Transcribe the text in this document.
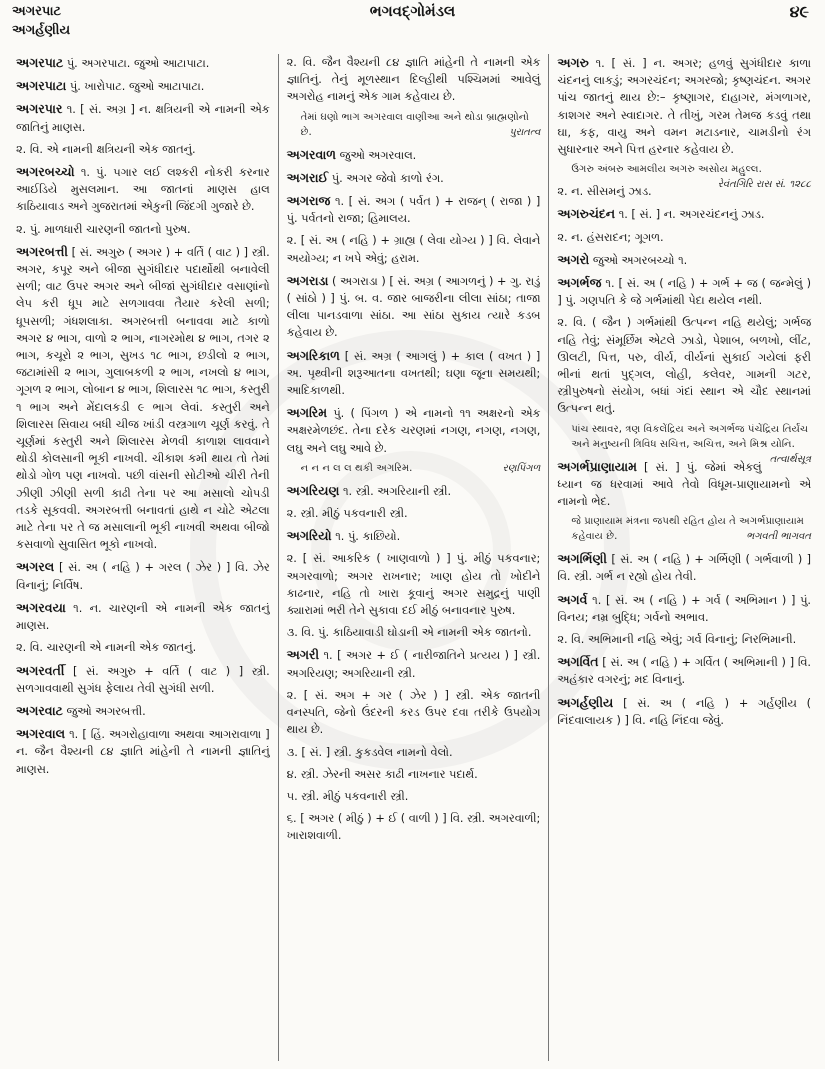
અગરપાટ
અગર્હણીય
ભગવદ્ગોમંડલ	૪૯
અગરપાટ પું. અગરપાટા. જુઓ આટાપાટા.
અગરપાટા પું. ખારોપાટ. જુઓ આટાપાટા.
અગરપાર ૧. [ સં. અગ્ર ] ન. ક્ષત્રિયની એ નામની એક જાતિનું માણસ.
૨. વિ. એ નામની ક્ષત્રિયની એક જાતનું.
અગરબચ્ચો ૧. પું. પગાર લઈ લશ્કરી નોકરી કરનાર આઈડિયે મુસલમાન. આ જાતનાં માણસ હાલ કાઠિયાવાડ અને ગુજરાતમાં એકુની જિંદગી ગુજારે છે.
૨. પું. માળધારી ચારણની જાતનો પુરુષ.
અગરબત્તી [ સં. અગુરુ ( અગર ) + વર્તિ ( વાટ ) ] સ્ત્રી. અગર, કપૂર અને બીજા સુગંધીદાર પદાર્થોથી બનાવેલી સળી; વાટ ઉપર અગર અને બીજાં સુગંધીદાર વસાણાંનો લેપ કરી ધૂપ માટે સળગાવવા તૈયાર કરેલી સળી; ધૂપસળી; ગંધશલાકા. અગરબત્તી બનાવવા માટે કાળો અગર ૪ ભાગ, વાળો ૨ ભાગ, નાગરમોથ ૪ ભાગ, તગર ૨ ભાગ, કચૂરો ૨ ભાગ, સુખડ ૧૮ ભાગ, છડીલો ૨ ભાગ, જટામાંસી ૨ ભાગ, ગુલાબકળી ૨ ભાગ, નખલો ૪ ભાગ, ગૂગળ ૨ ભાગ, લોબાન ૪ ભાગ, શિલારસ ૧૮ ભાગ, કસ્તુરી ૧ ભાગ અને મેંદાલકડી ૯ ભાગ લેવાં. કસ્તુરી અને શિલારસ સિવાય બધી ચીજ ખાંડી વસ્ત્રગાળ ચૂર્ણ કરવું. તે ચૂર્ણમાં કસ્તુરી અને શિલારસ મેળવી કાળાશ લાવવાને થોડી કોલસાની ભૂકી નાખવી. ચીકાશ કમી થાય તો તેમાં થોડો ગોળ પણ નાખવો. પછી વાંસની સોટીઓ ચીરી તેની ઝીણી ઝીણી સળી કાઢી તેના પર આ મસાલો ચોપડી તડકે સૂકવવી. અગરબત્તી બનાવતાં હાથે ન ચોટે એટલા માટે તેના પર તે જ મસાલાની ભૂકી નાખવી અથવા બીજો કસવાળો સુવાસિત ભૂકો નાખવો.
અગરલ [ સં. અ ( નહિ ) + ગરલ ( ઝેર ) ] વિ. ઝેર વિનાનું; નિર્વિષ.
અગરવયા ૧. ન. ચારણની એ નામની એક જાતનું માણસ.
૨. વિ. ચારણની એ નામની એક જાતનું.
અગરવર્તી [ સં. અગુરુ + વર્તિ ( વાટ ) ] સ્ત્રી. સળગાવવાથી સુગંધ ફેલાય તેવી સુગંધી સળી.
અગરવાટ જુઓ અગરબત્તી.
અગરવાલ ૧. [ હિં. અગરોહાવાળા અથવા આગરાવાળા ] ન. જૈન વૈશ્યની ૮૪ જ્ઞાતિ માંહેની તે નામની જ્ઞાતિનું માણસ.
૨. વિ. જૈન વૈશ્યની ૮૪ જ્ઞાતિ માંહેની તે નામની એક જ્ઞાતિનું. તેનું મૂળસ્થાન દિલ્હીથી પશ્ચિમમાં આવેલું અગરોહ નામનું એક ગામ કહેવાય છે.
તેમાં ઘણો ભાગ અગરવાલ વાણીઆ અને થોડા બ્રાહ્મણોનો છે.	પુરાતત્વ
અગરવાળ જુઓ અગરવાલ.
અગરાઈ પું. અગર જેવો કાળો રંગ.
અગરાજ ૧. [ સં. અગ ( પર્વત ) + રાજન્ ( રાજા ) ] પું. પર્વતનો રાજા; હિમાલય.
૨. [ સં. અ ( નહિ ) + ગ્રાહ્ય ( લેવા યોગ્ય ) ] વિ. લેવાને અયોગ્ય; ન ખપે એવું; હરામ.
અગરાડા ( અગરાડા ) [ સં. અગ્ર ( આગળનું ) + ગુ. રાડું ( સાંઠો ) ] પું. બ. વ. જાર બાજરીના લીલા સાંઠા; તાજા લીલા પાનડવાળા સાંઠા. આ સાંઠા સુકાય ત્યારે કડબ કહેવાય છે.
અગરિકાળ [ સં. અગ્ર ( આગલું ) + કાલ ( વખત ) ] અ. પૃથ્વીની શરૂઆતના વખતથી; ઘણા જૂના સમયથી; આદિકાળથી.
અગરિમ પું. ( પિંગળ ) એ નામનો ૧૧ અક્ષરનો એક અક્ષરમેળછંદ. તેના દરેક ચરણમાં નગણ, નગણ, નગણ, લઘુ અને લઘુ આવે છે.
ન ન ન લ લ થકી અગરિમ.	રણપિંગળ
અગરિયણ ૧. સ્ત્રી. અગરિયાની સ્ત્રી.
૨. સ્ત્રી. મીઠું પકવનારી સ્ત્રી.
અગરિયો ૧. પું. કાછિયો.
૨. [ સં. આકરિક ( ખાણવાળો ) ] પું. મીઠું પકવનાર; અગરવાળો; અગર રાખનાર; ખાણ હોય તો ખોદીને કાઢનાર, નહિ તો ખારા કૂવાનું અગર સમુદ્રનું પાણી ક્યારામાં ભરી તેને સુકાવા દઈ મીઠું બનાવનાર પુરુષ.
૩. વિ. પું. કાઠિયાવાડી ઘોડાની એ નામની એક જાતનો.
અગરી ૧. [ અગર + ઈ ( નારીજાતિને પ્રત્યય ) ] સ્ત્રી. અગરિયણ; અગરિયાની સ્ત્રી.
૨. [ સં. અગ + ગર ( ઝેર ) ] સ્ત્રી. એક જાતની વનસ્પતિ, જેનો ઉંદરની કરડ ઉપર દવા તરીકે ઉપયોગ થાય છે.
૩. [ સં. ] સ્ત્રી. કુકડવેલ નામનો વેલો.
૪. સ્ત્રી. ઝેરની અસર કાઢી નાખનાર પદાર્થ.
૫. સ્ત્રી. મીઠું પકવનારી સ્ત્રી.
૬. [ અગર ( મીઠું ) + ઈ ( વાળી ) ] વિ. સ્ત્રી. અગરવાળી; ખારાશવાળી.
અગરુ ૧. [ સં. ] ન. અગર; હળવું સુગંધીદાર કાળા ચંદનનું લાકડું; અગરચંદન; અગરજો; કૃષ્ણચંદન. અગર પાંચ જાતનું થાય છે:– કૃષ્ણાગર, દાહાગર, મંગળાગર, કાશગર અને સ્વાદાગર. તે તીખું, ગરમ તેમજ કડવું તથા ઘા, કફ, વાયુ અને વમન મટાડનાર, ચામડીનો રંગ સુધારનાર અને પિત્ત હરનાર કહેવાય છે.
ઉગરુ અંબરુ આમલીય અગરુ અસોય મહુલ્લ.
રેવંતગિરિ રાસ સં. ૧૨૮૮
૨. ન. સીસમનું ઝાડ.
અગરુચંદન ૧. [ સં. ] ન. અગરચંદનનું ઝાડ.
૨. ન. હંસરાદન; ગૂગળ.
અગરો જુઓ અગરબચ્ચો ૧.
અગર્ભજ ૧. [ સં. અ ( નહિ ) + ગર્ભ + જ ( જન્મેલું ) ] પું. ગણપતિ કે જે ગર્ભમાંથી પેદા થયેલ નથી.
૨. વિ. ( જૈન ) ગર્ભમાંથી ઉત્પન્ન નહિ થયેલું; ગર્ભજ નહિ તેવું; સંમૂર્છિમ એટલે ઝાડો, પેશાબ, બળખો, લીંટ, ઊલટી, પિત્ત, પરુ, વીર્ય, વીર્યનાં સુકાઈ ગયેલાં ફરી ભીનાં થતાં પુદ્ગલ, લોહી, કલેવર, ગામની ગટર, સ્ત્રીપુરુષનો સંયોગ, બધાં ગંદાં સ્થાન એ ચૌદ સ્થાનમાં ઉત્પન્ન થતું.
પાંચ સ્થાવર, ત્રણ વિકલેંદ્રિય અને અગર્ભજ પંચેંદ્રિય તિર્યંચ અને મનુષ્યની ત્રિવિધ સચિત્ત, અચિત્ત, અને મિશ્ર યોનિ.
તત્વાર્થસૂત્ર
અગર્ભપ્રાણાયામ [ સં. ] પું. જેમાં એકલું ધ્યાન જ ધરવામાં આવે તેવો વિધૂમ-પ્રાણાયામનો એ નામનો ભેદ.
જે પ્રાણાયામ મંત્રના જપથી રહિત હોય તે અગર્ભપ્રાણાયામ કહેવાય છે.	ભગવતી ભાગવત
અગર્ભિણી [ સં. અ ( નહિ ) + ગર્ભિણી ( ગર્ભવાળી ) ] વિ. સ્ત્રી. ગર્ભ ન રહ્યો હોય તેવી.
અગર્વ ૧. [ સં. અ ( નહિ ) + ગર્વ ( અભિમાન ) ] પું. વિનય; નમ્ર બુદ્ધિ; ગર્વનો અભાવ.
૨. વિ. અભિમાની નહિ એવું; ગર્વ વિનાનું; નિરભિમાની.
અગર્વિત [ સં. અ ( નહિ ) + ગર્વિત ( અભિમાની ) ] વિ. અહંકાર વગરનું; મદ વિનાનું.
અગર્હણીય [ સં. અ ( નહિ ) + ગર્હણીય ( નિંદવાલાયક ) ] વિ. નહિ નિંદવા જેવું.
